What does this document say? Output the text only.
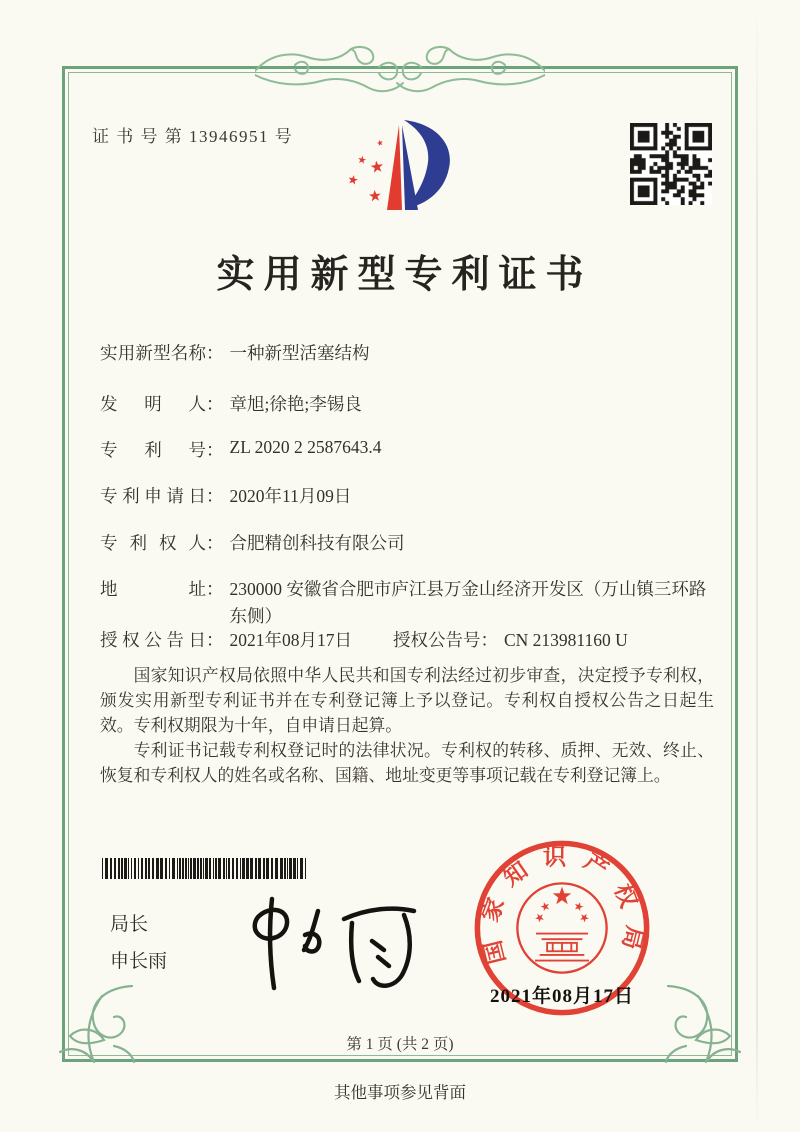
证 书 号 第 13946951 号
实用新型专利证书
实用新型名称： 一种新型活塞结构
发明人： 章旭;徐艳;李锡良
专利号： ZL 2020 2 2587643.4
专利申请日： 2020年11月09日
专利权人： 合肥精创科技有限公司
地址： 230000 安徽省合肥市庐江县万金山经济开发区（万山镇三环路东侧）
授权公告日： 2021年08月17日 授权公告号： CN 213981160 U

国家知识产权局依照中华人民共和国专利法经过初步审查，决定授予专利权，颁发实用新型专利证书并在专利登记簿上予以登记。专利权自授权公告之日起生效。专利权期限为十年，自申请日起算。

专利证书记载专利权登记时的法律状况。专利权的转移、质押、无效、终止、恢复和专利权人的姓名或名称、国籍、地址变更等事项记载在专利登记簿上。

局长
申长雨	国家知识产权局
2021年08月17日
第 1 页 (共 2 页)
其他事项参见背面
